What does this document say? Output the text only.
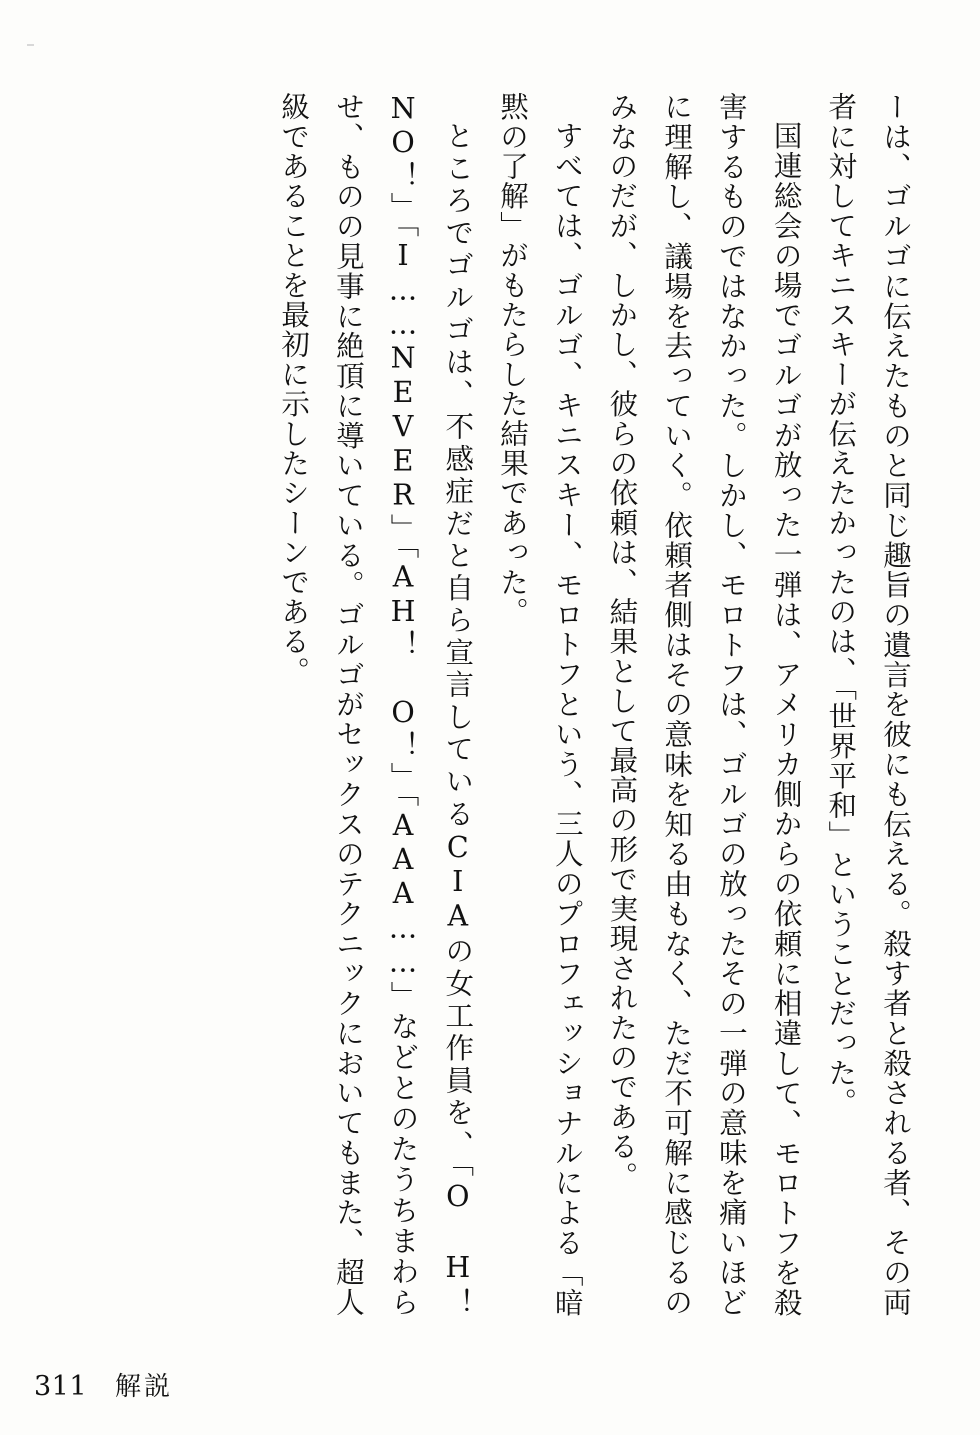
ーは、ゴルゴに伝えたものと同じ趣旨の遺言を彼にも伝える。殺す者と殺される者、その両者に対してキニスキーが伝えたかったのは、「世界平和」ということだった。

国連総会の場でゴルゴが放った一弾は、アメリカ側からの依頼に相違して、モロトフを殺害するものではなかった。しかし、モロトフは、ゴルゴの放ったその一弾の意味を痛いほどに理解し、議場を去っていく。依頼者側はその意味を知る由もなく、ただ不可解に感じるのみなのだが、しかし、彼らの依頼は、結果として最高の形で実現されたのである。

すべては、ゴルゴ、キニスキー、モロトフという、三人のプロフェッショナルによる「暗黙の了解」がもたらした結果であった。

ところでゴルゴは、不感症だと自ら宣言しているCIAの女工作員を、「O H！ NO！」「I……NEVER」「AH！ O！」「AAA……」などとのたうちまわらせ、ものの見事に絶頂に導いている。ゴルゴがセックスのテクニックにおいてもまた、超人級であることを最初に示したシーンである。

311 解説
